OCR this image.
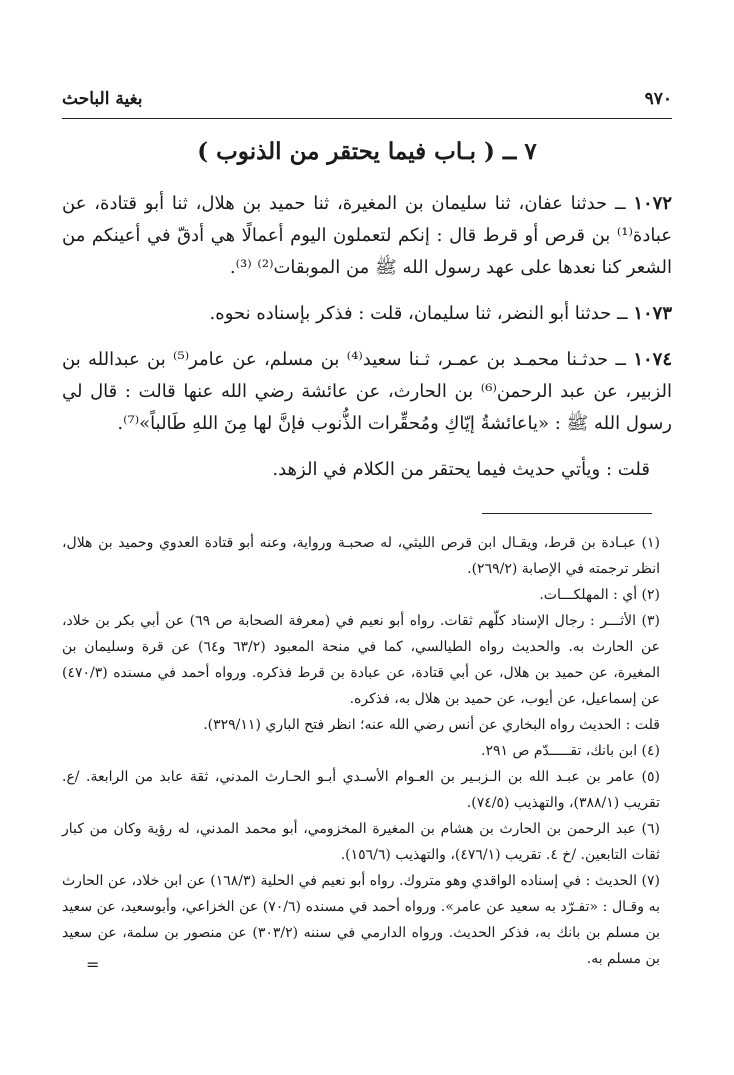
٩٧٠
بغية الباحث
٧ ــ ( بـاب فيما يحتقر من الذنوب )

١٠٧٢ ــ حدثنا عفان، ثنا سليمان بن المغيرة، ثنا حميد بن هلال، ثنا أبو قتادة، عن عبادة⁽¹⁾ بن قرص أو قرط قال : إنكم لتعملون اليوم أعمالًا هي أدقّ في أعينكم من الشعر كنا نعدها على عهد رسول الله ﷺ من الموبقات⁽²⁾ ⁽³⁾.

١٠٧٣ ــ حدثنا أبو النضر، ثنا سليمان، قلت : فذكر بإسناده نحوه.

١٠٧٤ ــ حدثـنا محمـد بن عمـر، ثـنا سعيد⁽⁴⁾ بن مسلم، عن عامر⁽⁵⁾ بن عبدالله بن الزبير، عن عبد الرحمن⁽⁶⁾ بن الحارث، عن عائشة رضي الله عنها قالت : قال لي رسول الله ﷺ : «ياعائشةُ إيّاكِ ومُحقِّرات الذُّنوب فإنَّ لها مِنَ اللهِ طَالباً»⁽⁷⁾.

قلت : ويأتي حديث فيما يحتقر من الكلام في الزهد.

(١) عبـادة بن قرط، ويقـال ابن قرص الليثي، له صحبـة ورواية، وعنه أبو قتادة العدوي وحميد بن هلال، انظر ترجمته في الإصابة (٢٦٩/٢).

(٢) أي : المهلكـــات.

(٣) الأثـــر : رجال الإسناد كلّهم ثقات. رواه أبو نعيم في (معرفة الصحابة ص ٦٩) عن أبي بكر بن خلاد، عن الحارث به. والحديث رواه الطيالسي، كما في منحة المعبود (٦٣/٢ و٦٤) عن قرة وسليمان بن المغيرة، عن حميد بن هلال، عن أبي قتادة، عن عبادة بن قرط فذكره. ورواه أحمد في مسنده (٤٧٠/٣) عن إسماعيل، عن أيوب، عن حميد بن هلال به، فذكره.

قلت : الحديث رواه البخاري عن أنس رضي الله عنه؛ انظر فتح الباري (٣٢٩/١١).

(٤) ابن بانك، تقـــــدّم ص ٢٩١.

(٥) عامر بن عبـد الله بن الـزبـير بن العـوام الأسـدي أبـو الحـارث المدني، ثقة عابد من الرابعة. /ع. تقريب (٣٨٨/١)، والتهذيب (٧٤/٥).

(٦) عبد الرحمن بن الحارث بن هشام بن المغيرة المخزومي، أبو محمد المدني، له رؤية وكان من كبار ثقات التابعين. /خ ٤. تقريب (٤٧٦/١)، والتهذيب (١٥٦/٦).

(٧) الحديث : في إسناده الواقدي وهو متروك. رواه أبو نعيم في الحلية (١٦٨/٣) عن ابن خلاد، عن الحارث به وقـال : «تفـرّد به سعيد عن عامر». ورواه أحمد في مسنده (٧٠/٦) عن الخزاعي، وأبوسعيد، عن سعيد بن مسلم بن بانك به، فذكر الحديث. ورواه الدارمي في سننه (٣٠٣/٢) عن منصور بن سلمة، عن سعيد بن مسلم به.

=
